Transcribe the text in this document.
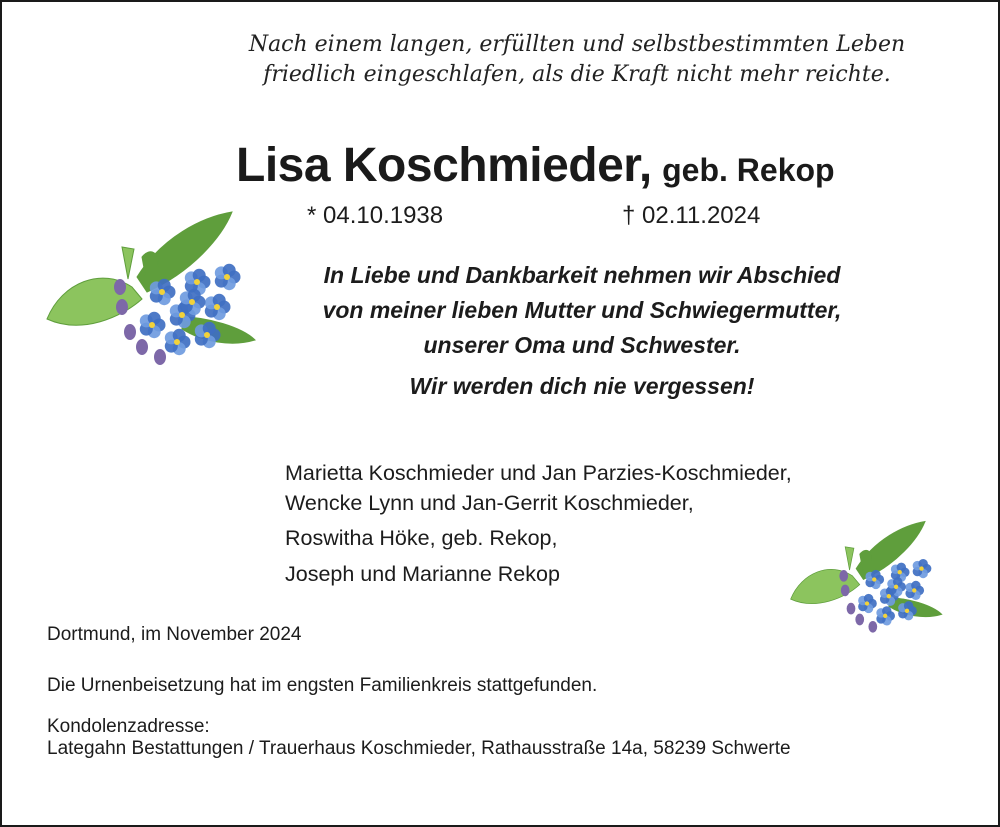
Nach einem langen, erfüllten und selbstbestimmten Leben
friedlich eingeschlafen, als die Kraft nicht mehr reichte.
Lisa Koschmieder, geb. Rekop
* 04.10.1938	† 02.11.2024
In Liebe und Dankbarkeit nehmen wir Abschied
von meiner lieben Mutter und Schwiegermutter,
unserer Oma und Schwester.
Wir werden dich nie vergessen!
Marietta Koschmieder und Jan Parzies-Koschmieder,
Wencke Lynn und Jan-Gerrit Koschmieder,
Roswitha Höke, geb. Rekop,
Joseph und Marianne Rekop
Dortmund, im November 2024
Die Urnenbeisetzung hat im engsten Familienkreis stattgefunden.
Kondolenzadresse:
Lategahn Bestattungen / Trauerhaus Koschmieder, Rathausstraße 14a, 58239 Schwerte
